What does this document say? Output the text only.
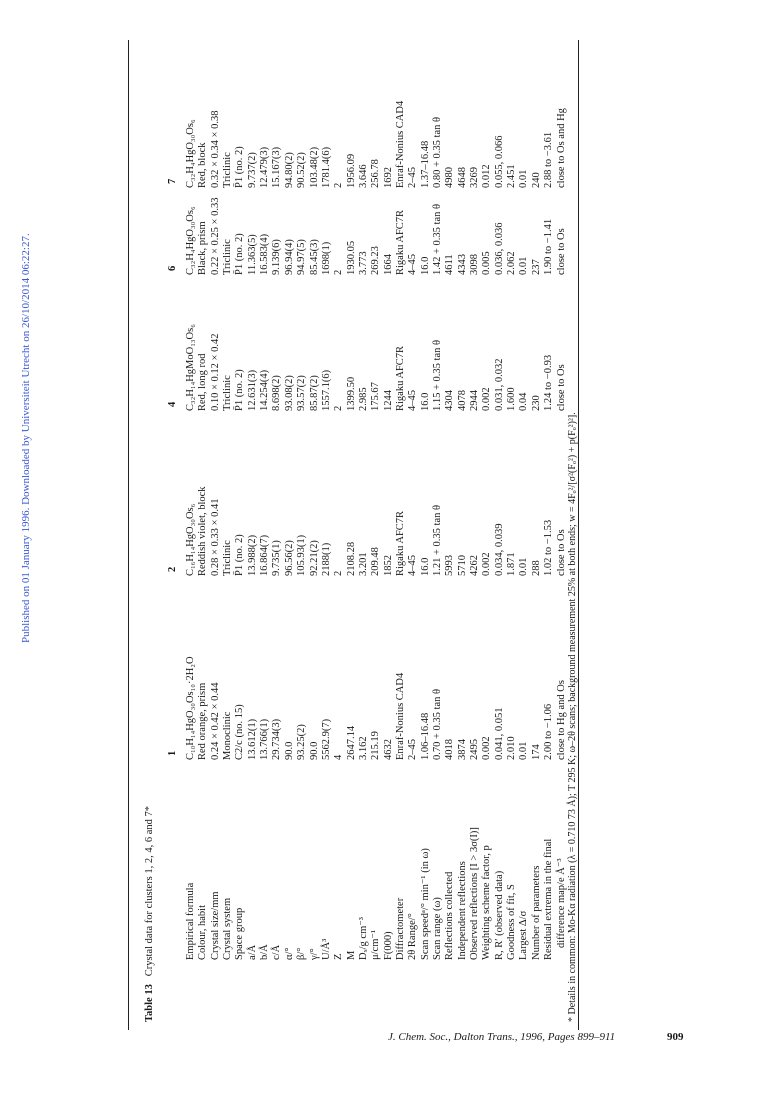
Published on 01 January 1996. Downloaded by Universiteit Utrecht on 26/10/2014 06:22:27.
Table 13   Crystal data for clusters 1, 2, 4, 6 and 7*
1
2
4
6
7
Empirical formula
C₁₀H₁₄HgO₃₀Os₁₀·2H₂O
C₁₆H₁₄HgO₃₀Os₆
C₃₂H₁₄HgMoO₁₃Os₆
C₃₂H₄HgO₃₀Os₆
C₃₂H₄HgO₃₀Os₆
Colour, habit
Red orange, prism
Reddish violet, block
Red, long rod
Black, prism
Red, block
Crystal size/mm
0.24 × 0.42 × 0.44
0.28 × 0.33 × 0.41
0.10 × 0.12 × 0.42
0.22 × 0.25 × 0.33
0.32 × 0.34 × 0.38
Crystal system
Monoclinic
Triclinic
Triclinic
Triclinic
Triclinic
Space group
C2/c (no. 15)
P̄1 (no. 2)
P̄1 (no. 2)
P̄1 (no. 2)
P̄1 (no. 2)
a/Å
13.612(1)
13.988(2)
12.631(3)
11.363(5)
9.737(2)
b/Å
13.766(1)
16.864(7)
14.254(4)
16.583(4)
12.479(3)
c/Å
29.734(3)
9.735(1)
8.698(2)
9.139(6)
15.167(3)
α/°
90.0
96.56(2)
93.08(2)
96.94(4)
94.80(2)
β/°
93.25(2)
105.93(1)
93.57(2)
94.97(5)
90.52(2)
γ/°
90.0
92.21(2)
85.87(2)
85.45(3)
103.48(2)
U/Å³
5562.9(7)
2188(1)
1557.1(6)
1698(1)
1781.4(6)
Z
4
2
2
2
2
M
2647.14
2108.28
1399.50
1930.05
1956.09
Dₓ/g cm⁻³
3.162
3.201
2.985
3.773
3.646
μ/cm⁻¹
215.19
209.48
175.67
269.23
256.78
F(000)
4632
1852
1244
1664
1692
Diffractometer
Enraf-Nonius CAD4
Rigaku AFC7R
Rigaku AFC7R
Rigaku AFC7R
Enraf-Nonius CAD4
2θ Range/°
2–45
4–45
4–45
4–45
2–45
Scan speedᵃ/° min⁻¹ (in ω)
1.06–16.48
16.0
16.0
16.0
1.37–16.48
Scan range (ω)
0.70 + 0.35 tan θ
1.21 + 0.35 tan θ
1.15 + 0.35 tan θ
1.42 + 0.35 tan θ
0.80 + 0.35 tan θ
Reflections collected
4018
5993
4304
4611
4980
Independent reflections
3874
5710
4078
4343
4648
Observed reflections [I > 3σ(I)]
2495
4262
2944
3098
3269
Weighting scheme factor, p
0.002
0.002
0.002
0.005
0.012
R, R′ (observed data)
0.041, 0.051
0.034, 0.039
0.031, 0.032
0.036, 0.036
0.055, 0.066
Goodness of fit, S
2.010
1.871
1.600
2.062
2.451
Largest Δ/σ
0.01
0.01
0.04
0.01
0.01
Number of parameters
174
288
230
237
240
Residual extrema in the final
2.00 to −1.06
1.02 to −1.53
1.24 to −0.93
1.90 to −1.41
2.88 to −3.61
difference map/e Å⁻³
close to Hg and Os
close to Os
close to Os
close to Os
close to Os and Hg
* Details in common: Mo-Kα radiation (λ = 0.710 73 Å); T 295 K; ω–2θ scans; background measurement 25% at both ends; w = 4Fₒ²/[σ²(Fₒ²) + p(Fₒ²)²].
J. Chem. Soc., Dalton Trans., 1996, Pages 899–911	909
